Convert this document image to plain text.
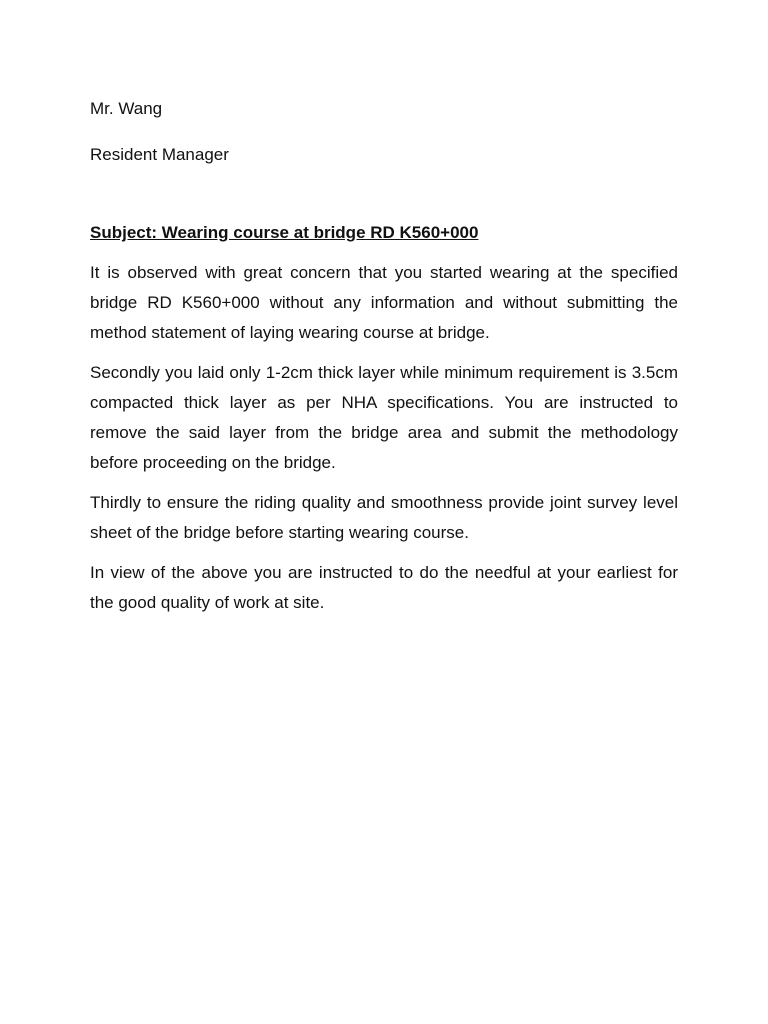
Mr. Wang

Resident Manager

Subject: Wearing course at bridge RD K560+000

It is observed with great concern that you started wearing at the specified bridge RD K560+000 without any information and without submitting the method statement of laying wearing course at bridge.

Secondly you laid only 1-2cm thick layer while minimum requirement is 3.5cm compacted thick layer as per NHA specifications. You are instructed to remove the said layer from the bridge area and submit the methodology before proceeding on the bridge.

Thirdly to ensure the riding quality and smoothness provide joint survey level sheet of the bridge before starting wearing course.

In view of the above you are instructed to do the needful at your earliest for the good quality of work at site.
